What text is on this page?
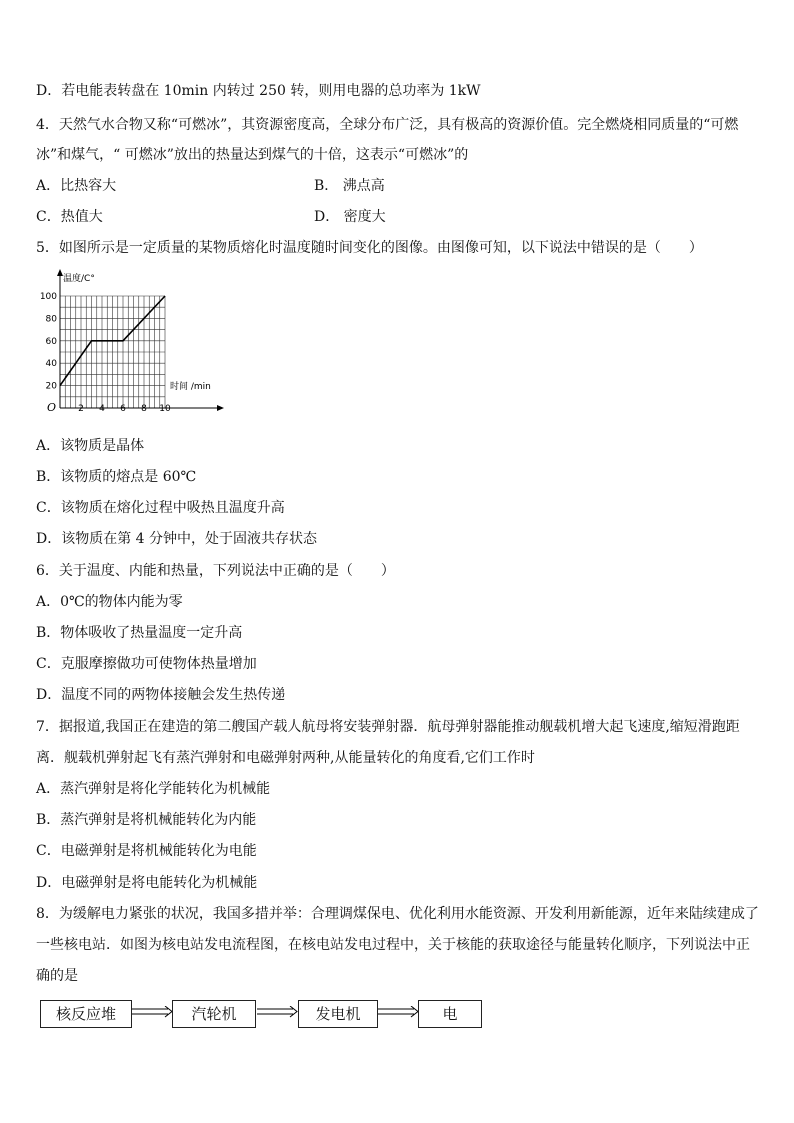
D．若电能表转盘在 10min 内转过 250 转，则用电器的总功率为 1kW
4．天然气水合物又称“可燃冰”，其资源密度高，全球分布广泛，具有极高的资源价值。完全燃烧相同质量的“可燃
冰”和煤气，“ 可燃冰”放出的热量达到煤气的十倍，这表示“可燃冰”的
A．比热容大	B． 沸点高
C．热值大	D． 密度大
5．如图所示是一定质量的某物质熔化时温度随时间变化的图像。由图像可知，以下说法中错误的是（　　）
温度/C°
时间 /min
O 2 4 6 8 10
20
40
60
80
100
A．该物质是晶体
B．该物质的熔点是 60℃
C．该物质在熔化过程中吸热且温度升高
D．该物质在第 4 分钟中，处于固液共存状态
6．关于温度、内能和热量，下列说法中正确的是（　　）
A．0℃的物体内能为零
B．物体吸收了热量温度一定升高
C．克服摩擦做功可使物体热量增加
D．温度不同的两物体接触会发生热传递
7．据报道,我国正在建造的第二艘国产载人航母将安装弹射器．航母弹射器能推动舰载机增大起飞速度,缩短滑跑距
离．舰载机弹射起飞有蒸汽弹射和电磁弹射两种,从能量转化的角度看,它们工作时
A．蒸汽弹射是将化学能转化为机械能
B．蒸汽弹射是将机械能转化为内能
C．电磁弹射是将机械能转化为电能
D．电磁弹射是将电能转化为机械能
8．为缓解电力紧张的状况，我国多措并举：合理调煤保电、优化利用水能资源、开发利用新能源，近年来陆续建成了
一些核电站．如图为核电站发电流程图，在核电站发电过程中，关于核能的获取途径与能量转化顺序，下列说法中正
确的是
核反应堆	汽轮机	发电机	电
